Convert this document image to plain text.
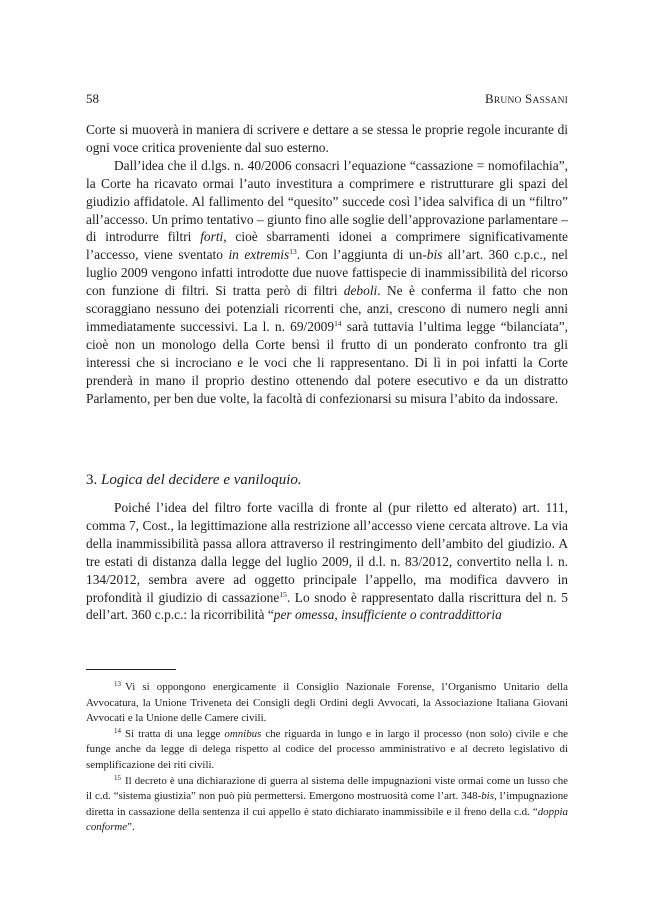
58	BRUNO SASSANI

Corte si muoverà in maniera di scrivere e dettare a se stessa le proprie regole incurante di ogni voce critica proveniente dal suo esterno.

Dall’idea che il d.lgs. n. 40/2006 consacri l’equazione “cassazione = nomofilachia”, la Corte ha ricavato ormai l’auto investitura a comprimere e ristrutturare gli spazi del giudizio affidatole. Al fallimento del “quesito” succede così l’idea salvifica di un “filtro” all’accesso. Un primo tentativo – giunto fino alle soglie dell’approvazione parlamentare – di introdurre filtri forti, cioè sbarramenti idonei a comprimere significativamente l’accesso, viene sventato in extremis$^{13}$. Con l’aggiunta di un-bis all’art. 360 c.p.c., nel luglio 2009 vengono infatti introdotte due nuove fattispecie di inammissibilità del ricorso con funzione di filtri. Si tratta però di filtri deboli. Ne è conferma il fatto che non scoraggiano nessuno dei potenziali ricorrenti che, anzi, crescono di numero negli anni immediatamente successivi. La l. n. 69/2009$^{14}$ sarà tuttavia l’ultima legge “bilanciata”, cioè non un monologo della Corte bensì il frutto di un ponderato confronto tra gli interessi che si incrociano e le voci che li rappresentano. Di lì in poi infatti la Corte prenderà in mano il proprio destino ottenendo dal potere esecutivo e da un distratto Parlamento, per ben due volte, la facoltà di confezionarsi su misura l’abito da indossare.

3. Logica del decidere e vaniloquio.

Poiché l’idea del filtro forte vacilla di fronte al (pur riletto ed alterato) art. 111, comma 7, Cost., la legittimazione alla restrizione all’accesso viene cercata altrove. La via della inammissibilità passa allora attraverso il restringimento dell’ambito del giudizio. A tre estati di distanza dalla legge del luglio 2009, il d.l. n. 83/2012, convertito nella l. n. 134/2012, sembra avere ad oggetto principale l’appello, ma modifica davvero in profondità il giudizio di cassazione$^{15}$. Lo snodo è rappresentato dalla riscrittura del n. 5 dell’art. 360 c.p.c.: la ricorribilità “per omessa, insufficiente o contraddittoria

$^{13}$ Vi si oppongono energicamente il Consiglio Nazionale Forense, l’Organismo Unitario della Avvocatura, la Unione Triveneta dei Consigli degli Ordini degli Avvocati, la Associazione Italiana Giovani Avvocati e la Unione delle Camere civili.

$^{14}$ Si tratta di una legge omnibus che riguarda in lungo e in largo il processo (non solo) civile e che funge anche da legge di delega rispetto al codice del processo amministrativo e al decreto legislativo di semplificazione dei riti civili.

$^{15}$ Il decreto è una dichiarazione di guerra al sistema delle impugnazioni viste ormai come un lusso che il c.d. “sistema giustizia” non può più permettersi. Emergono mostruosità come l’art. 348-bis, l’impugnazione diretta in cassazione della sentenza il cui appello è stato dichiarato inammissibile e il freno della c.d. “doppia conforme”.
